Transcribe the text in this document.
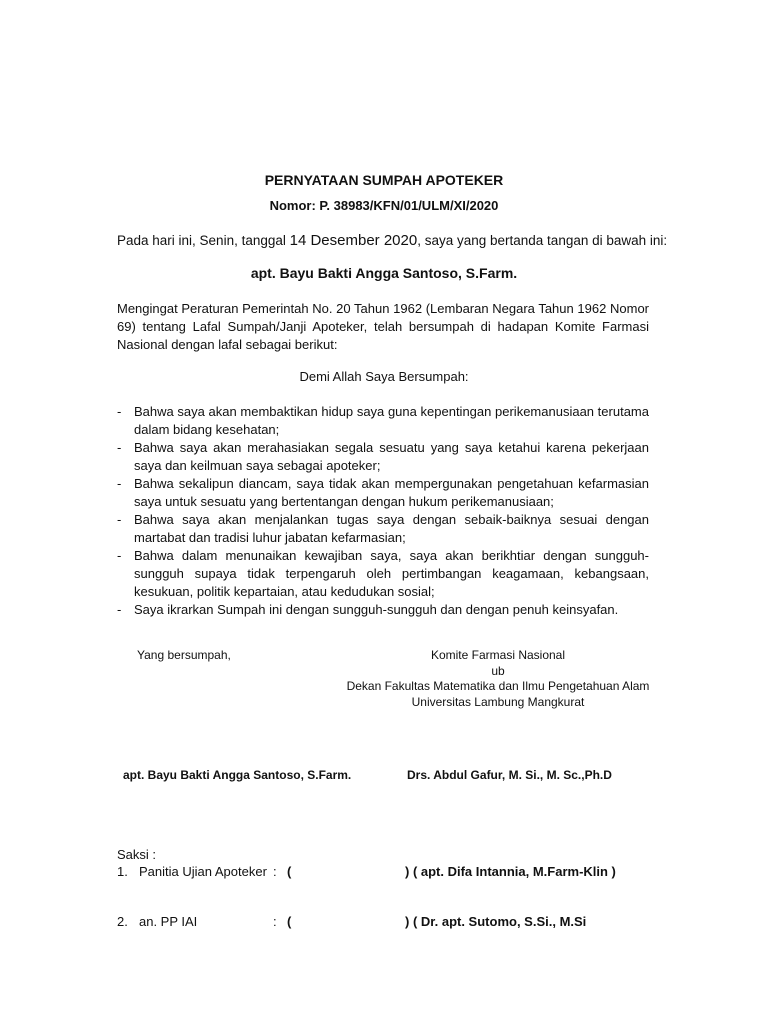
PERNYATAAN SUMPAH APOTEKER
Nomor: P. 38983/KFN/01/ULM/XI/2020
Pada hari ini, Senin, tanggal 14 Desember 2020, saya yang bertanda tangan di bawah ini:
apt. Bayu Bakti Angga Santoso, S.Farm.
Mengingat Peraturan Pemerintah No. 20 Tahun 1962 (Lembaran Negara Tahun 1962 Nomor 69) tentang Lafal Sumpah/Janji Apoteker, telah bersumpah di hadapan Komite Farmasi Nasional dengan lafal sebagai berikut:
Demi Allah Saya Bersumpah:
- Bahwa saya akan membaktikan hidup saya guna kepentingan perikemanusiaan terutama dalam bidang kesehatan;
- Bahwa saya akan merahasiakan segala sesuatu yang saya ketahui karena pekerjaan saya dan keilmuan saya sebagai apoteker;
- Bahwa sekalipun diancam, saya tidak akan mempergunakan pengetahuan kefarmasian saya untuk sesuatu yang bertentangan dengan hukum perikemanusiaan;
- Bahwa saya akan menjalankan tugas saya dengan sebaik-baiknya sesuai dengan martabat dan tradisi luhur jabatan kefarmasian;
- Bahwa dalam menunaikan kewajiban saya, saya akan berikhtiar dengan sungguh-sungguh supaya tidak terpengaruh oleh pertimbangan keagamaan, kebangsaan, kesukuan, politik kepartaian, atau kedudukan sosial;
- Saya ikrarkan Sumpah ini dengan sungguh-sungguh dan dengan penuh keinsyafan.
Yang bersumpah,	Komite Farmasi Nasional
ub
Dekan Fakultas Matematika dan Ilmu Pengetahuan Alam
Universitas Lambung Mangkurat
apt. Bayu Bakti Angga Santoso, S.Farm.	Drs. Abdul Gafur, M. Si., M. Sc.,Ph.D
Saksi :
1. Panitia Ujian Apoteker : (	) ( apt. Difa Intannia, M.Farm-Klin )
2. an. PP IAI	: (	) ( Dr. apt. Sutomo, S.Si., M.Si
